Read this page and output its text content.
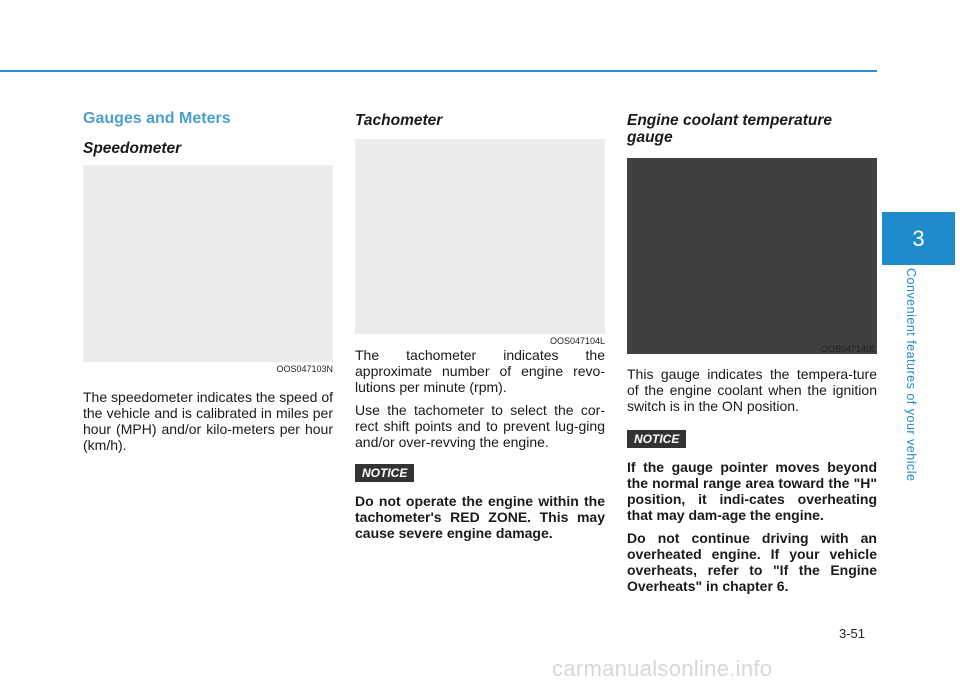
Gauges and Meters
Speedometer
OOS047103N

The speedometer indicates the speed of the vehicle and is calibrated in miles per hour (MPH) and/or kilo-meters per hour (km/h).

Tachometer
OOS047104L

The tachometer indicates the approximate number of engine revo-lutions per minute (rpm).

Use the tachometer to select the cor-rect shift points and to prevent lug-ging and/or over-revving the engine.

NOTICE

Do not operate the engine within the tachometer's RED ZONE. This may cause severe engine damage.

Engine coolant temperature gauge
OOS047140L

This gauge indicates the tempera-ture of the engine coolant when the ignition switch is in the ON position.

NOTICE

If the gauge pointer moves beyond the normal range area toward the "H" position, it indi-cates overheating that may dam-age the engine.

Do not continue driving with an overheated engine. If your vehicle overheats, refer to "If the Engine Overheats" in chapter 6.

3
Convenient features of your vehicle
3-51
carmanualsonline.info
